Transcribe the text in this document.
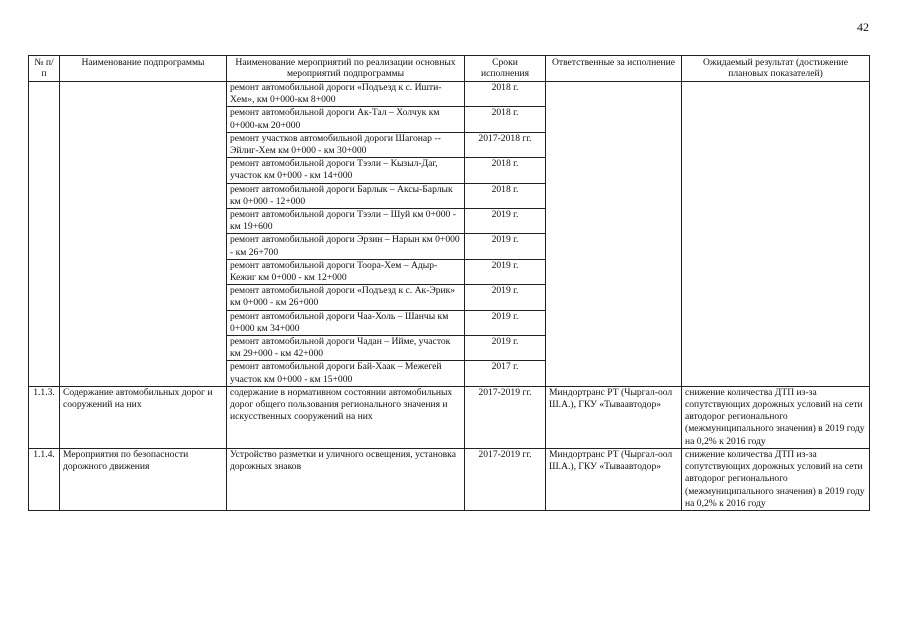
42
№ п/п	Наименование подпрограммы	Наименование мероприятий по реализации основных мероприятий подпрограммы	Сроки исполнения	Ответственные за исполнение	Ожидаемый результат (достижение плановых показателей)
		ремонт автомобильной дороги «Подъезд к с. Ишти-Хем», км 0+000-км 8+000	2018 г.		
		ремонт автомобильной дороги Ак-Тал – Холчук км 0+000-км 20+000	2018 г.		
		ремонт участков автомобильной дороги Шагонар -- Эйлиг-Хем км 0+000 - км 30+000	2017-2018 гг.		
		ремонт автомобильной дороги Тээли – Кызыл-Даг, участок км 0+000 - км 14+000	2018 г.		
		ремонт автомобильной дороги Барлык – Аксы-Барлык км 0+000 - 12+000	2018 г.		
		ремонт автомобильной дороги Тээли – Шуй км 0+000 - км 19+600	2019 г.		
		ремонт автомобильной дороги Эрзин – Нарын км 0+000 - км 26+700	2019 г.		
		ремонт автомобильной дороги Тоора-Хем – Адыр-Кежиг км 0+000 - км 12+000	2019 г.		
		ремонт автомобильной дороги «Подъезд к с. Ак-Эрик» км 0+000 - км 26+000	2019 г.		
		ремонт автомобильной дороги Чаа-Холь – Шанчы км 0+000 км 34+000	2019 г.		
		ремонт автомобильной дороги Чадан – Ийме, участок км 29+000 - км 42+000	2019 г.		
		ремонт автомобильной дороги Бай-Хаак – Межегей участок км 0+000 - км 15+000	2017 г.		
1.1.3.	Содержание автомобильных дорог и сооружений на них	содержание в нормативном состоянии автомобильных дорог общего пользования регионального значения и искусственных сооружений на них	2017-2019 гг.	Миндортранс РТ (Чыргал-оол Ш.А.), ГКУ «Тываавтодор»	снижение количества ДТП из-за сопутствующих дорожных условий на сети автодорог регионального (межмуниципального значения) в 2019 году на 0,2% к 2016 году
1.1.4.	Мероприятия по безопасности дорожного движения	Устройство разметки и уличного освещения, установка дорожных знаков	2017-2019 гг.	Миндортранс РТ (Чыргал-оол Ш.А.), ГКУ «Тываавтодор»	снижение количества ДТП из-за сопутствующих дорожных условий на сети автодорог регионального (межмуниципального значения) в 2019 году на 0,2% к 2016 году
